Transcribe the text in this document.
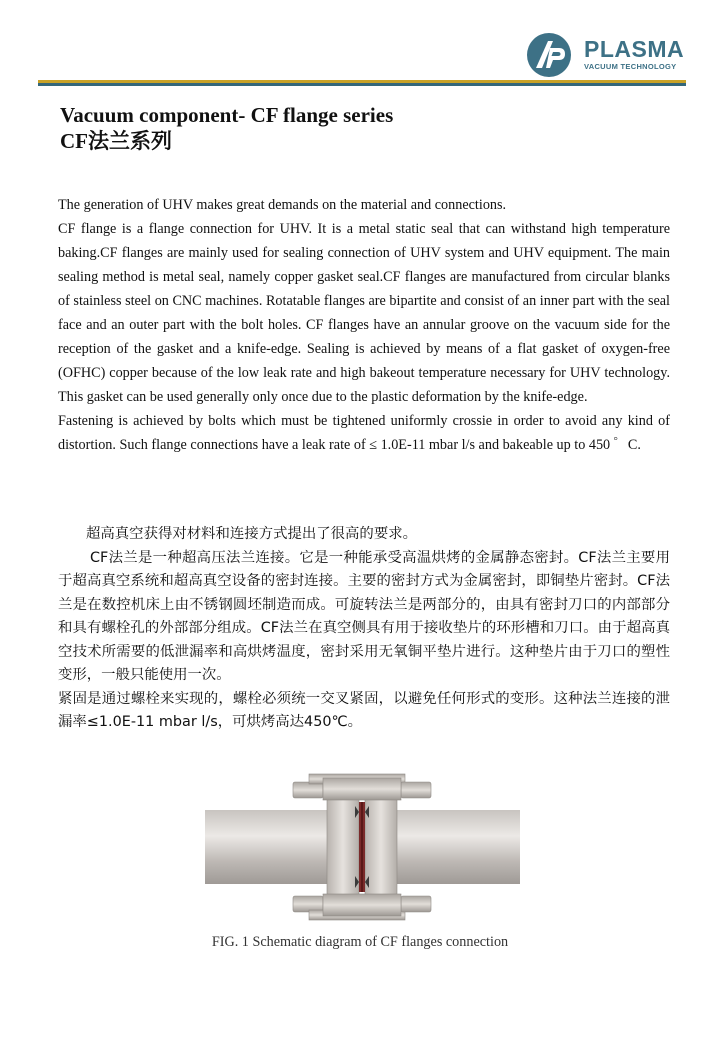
PLASMA
VACUUM TECHNOLOGY
Vacuum component- CF flange series
CF法兰系列

The generation of UHV makes great demands on the material and connections.

CF flange is a flange connection for UHV. It is a metal static seal that can withstand high temperature baking.CF flanges are mainly used for sealing connection of UHV system and UHV equipment. The main sealing method is metal seal, namely copper gasket seal.CF flanges are manufactured from circular blanks of stainless steel on CNC machines. Rotatable flanges are bipartite and consist of an inner part with the seal face and an outer part with the bolt holes. CF flanges have an annular groove on the vacuum side for the reception of the gasket and a knife-edge. Sealing is achieved by means of a flat gasket of oxygen-free (OFHC) copper because of the low leak rate and high bakeout temperature necessary for UHV technology. This gasket can be used generally only once due to the plastic deformation by the knife-edge.

Fastening is achieved by bolts which must be tightened uniformly crossie in order to avoid any kind of distortion. Such flange connections have a leak rate of ≤ 1.0E-11 mbar l/s and bakeable up to 450 ゜C.

超高真空获得对材料和连接方式提出了很高的要求。

CF法兰是一种超高压法兰连接。它是一种能承受高温烘烤的金属静态密封。CF法兰主要用于超高真空系统和超高真空设备的密封连接。主要的密封方式为金属密封，即铜垫片密封。CF法兰是在数控机床上由不锈钢圆坯制造而成。可旋转法兰是两部分的，由具有密封刀口的内部部分和具有螺栓孔的外部部分组成。CF法兰在真空侧具有用于接收垫片的环形槽和刀口。由于超高真空技术所需要的低泄漏率和高烘烤温度，密封采用无氧铜平垫片进行。这种垫片由于刀口的塑性变形，一般只能使用一次。

紧固是通过螺栓来实现的，螺栓必须统一交叉紧固，以避免任何形式的变形。这种法兰连接的泄漏率≤1.0E-11 mbar l/s，可烘烤高达450℃。

FIG. 1 Schematic diagram of CF flanges connection
